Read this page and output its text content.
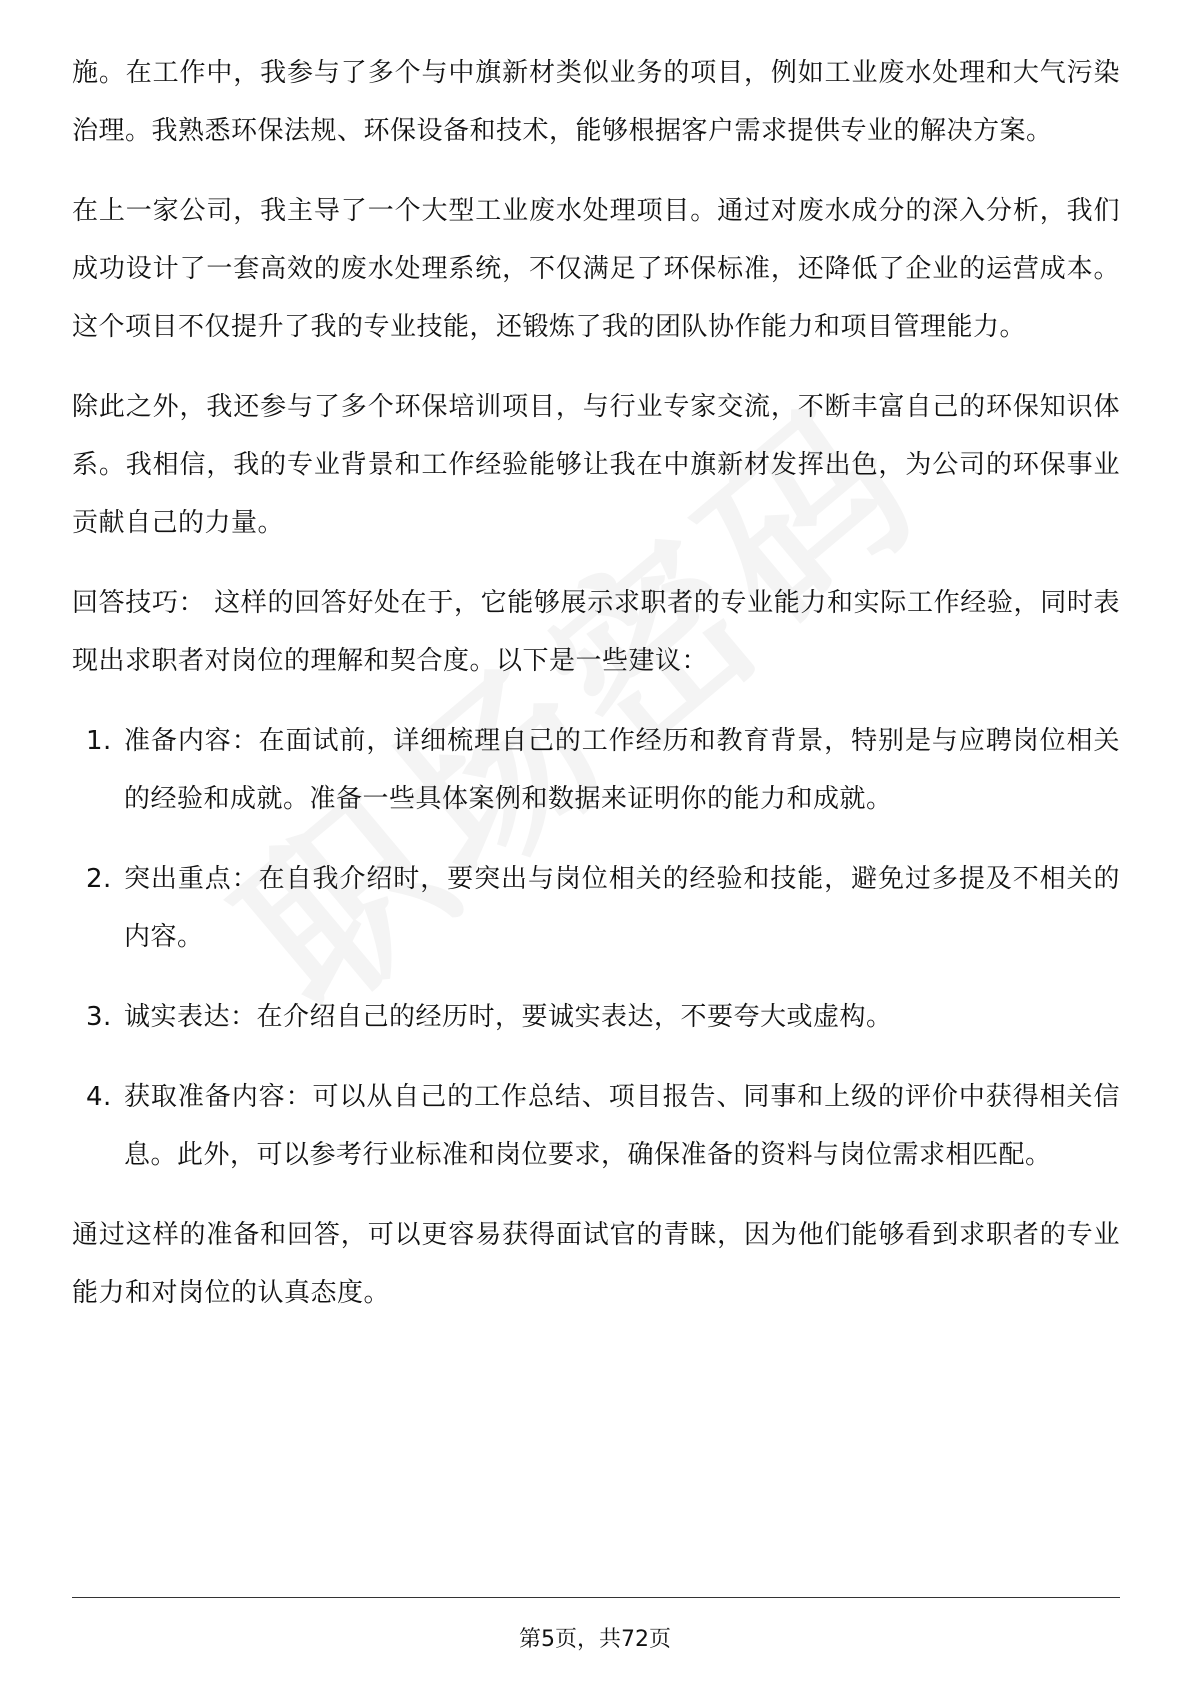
施。在工作中，我参与了多个与中旗新材类似业务的项目，例如工业废水处理和大气污染治理。我熟悉环保法规、环保设备和技术，能够根据客户需求提供专业的解决方案。

在上一家公司，我主导了一个大型工业废水处理项目。通过对废水成分的深入分析，我们成功设计了一套高效的废水处理系统，不仅满足了环保标准，还降低了企业的运营成本。这个项目不仅提升了我的专业技能，还锻炼了我的团队协作能力和项目管理能力。

除此之外，我还参与了多个环保培训项目，与行业专家交流，不断丰富自己的环保知识体系。我相信，我的专业背景和工作经验能够让我在中旗新材发挥出色，为公司的环保事业贡献自己的力量。

回答技巧： 这样的回答好处在于，它能够展示求职者的专业能力和实际工作经验，同时表现出求职者对岗位的理解和契合度。以下是一些建议：

1. 准备内容：在面试前，详细梳理自己的工作经历和教育背景，特别是与应聘岗位相关的经验和成就。准备一些具体案例和数据来证明你的能力和成就。
2. 突出重点：在自我介绍时，要突出与岗位相关的经验和技能，避免过多提及不相关的内容。
3. 诚实表达：在介绍自己的经历时，要诚实表达，不要夸大或虚构。
4. 获取准备内容：可以从自己的工作总结、项目报告、同事和上级的评价中获得相关信息。此外，可以参考行业标准和岗位要求，确保准备的资料与岗位需求相匹配。

通过这样的准备和回答，可以更容易获得面试官的青睐，因为他们能够看到求职者的专业能力和对岗位的认真态度。

第5页，共72页
